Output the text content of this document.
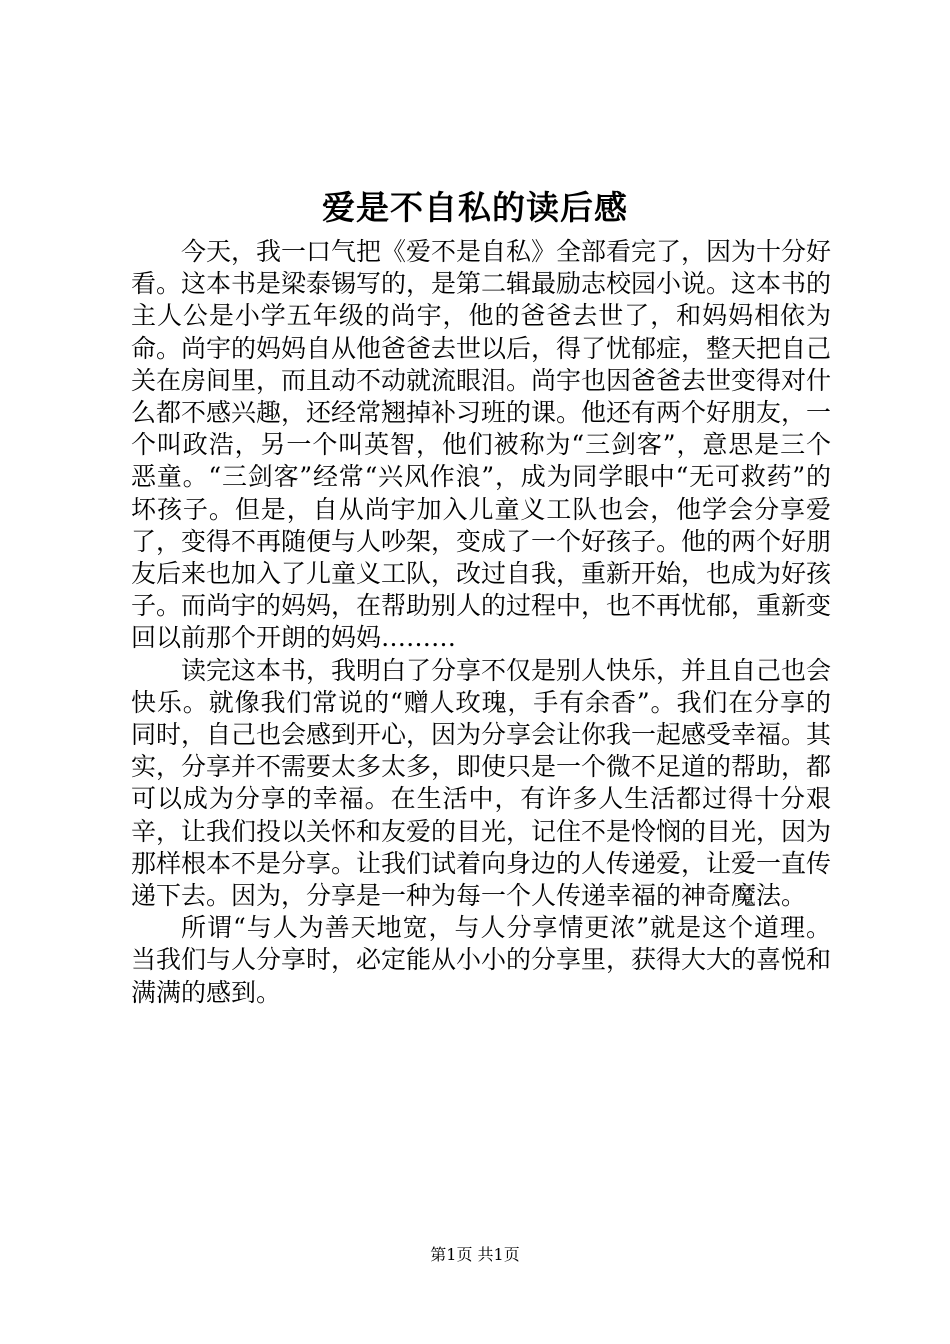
爱是不自私的读后感

今天，我一口气把《爱不是自私》全部看完了，因为十分好看。这本书是梁泰锡写的，是第二辑最励志校园小说。这本书的主人公是小学五年级的尚宇，他的爸爸去世了，和妈妈相依为命。尚宇的妈妈自从他爸爸去世以后，得了忧郁症，整天把自己关在房间里，而且动不动就流眼泪。尚宇也因爸爸去世变得对什么都不感兴趣，还经常翘掉补习班的课。他还有两个好朋友，一个叫政浩，另一个叫英智，他们被称为“三剑客”，意思是三个恶童。“三剑客”经常“兴风作浪”，成为同学眼中“无可救药”的坏孩子。但是，自从尚宇加入儿童义工队也会，他学会分享爱了，变得不再随便与人吵架，变成了一个好孩子。他的两个好朋友后来也加入了儿童义工队，改过自我，重新开始，也成为好孩子。而尚宇的妈妈，在帮助别人的过程中，也不再忧郁，重新变回以前那个开朗的妈妈………

读完这本书，我明白了分享不仅是别人快乐，并且自己也会快乐。就像我们常说的“赠人玫瑰，手有余香”。我们在分享的同时，自己也会感到开心，因为分享会让你我一起感受幸福。其实，分享并不需要太多太多，即使只是一个微不足道的帮助，都可以成为分享的幸福。在生活中，有许多人生活都过得十分艰辛，让我们投以关怀和友爱的目光，记住不是怜悯的目光，因为那样根本不是分享。让我们试着向身边的人传递爱，让爱一直传递下去。因为，分享是一种为每一个人传递幸福的神奇魔法。

所谓“与人为善天地宽，与人分享情更浓”就是这个道理。当我们与人分享时，必定能从小小的分享里，获得大大的喜悦和满满的感到。

第1页 共1页
